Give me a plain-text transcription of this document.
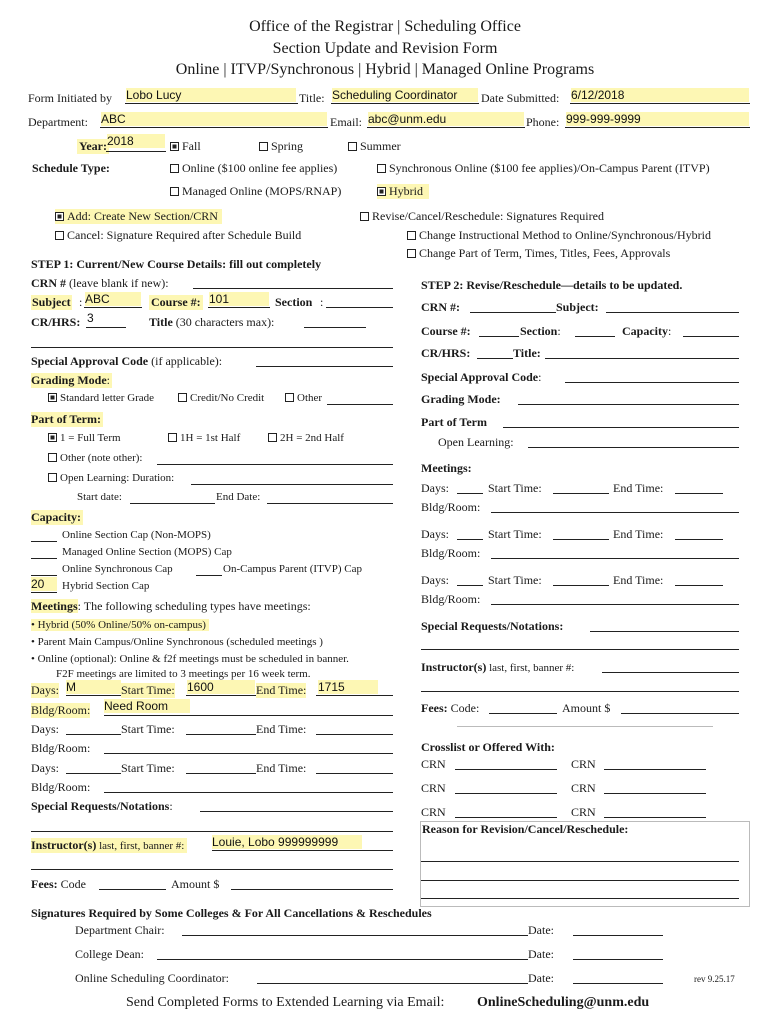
Office of the Registrar | Scheduling Office
Section Update and Revision Form
Online | ITVP/Synchronous | Hybrid | Managed Online Programs
Form Initiated by Lobo Lucy	Title: Scheduling Coordinator	Date Submitted: 6/12/2018
Department: ABC	Email: abc@unm.edu	Phone: 999-999-9999
Year: 2018	Fall	Spring	Summer
Schedule Type:	Online ($100 online fee applies)	Synchronous Online ($100 fee applies)/On-Campus Parent (ITVP)
Managed Online (MOPS/RNAP)	Hybrid
Add: Create New Section/CRN
Cancel: Signature Required after Schedule Build
Revise/Cancel/Reschedule: Signatures Required
Change Instructional Method to Online/Synchronous/Hybrid
Change Part of Term, Times, Titles, Fees, Approvals
STEP 1: Current/New Course Details: fill out completely
CRN # (leave blank if new):
Subject : ABC	Course #: 101	Section :
CR/HRS: 3	Title (30 characters max):
Special Approval Code (if applicable):
Grading Mode:
Standard letter Grade	Credit/No Credit	Other
Part of Term:
1 = Full Term	1H = 1st Half	2H = 2nd Half
Other (note other):
Open Learning: Duration:
Start date:	End Date:
Capacity:
Online Section Cap (Non-MOPS)
Managed Online Section (MOPS) Cap
Online Synchronous Cap	On-Campus Parent (ITVP) Cap
20	Hybrid Section Cap
Meetings: The following scheduling types have meetings:
• Hybrid (50% Online/50% on-campus)
• Parent Main Campus/Online Synchronous (scheduled meetings )
• Online (optional): Online & f2f meetings must be scheduled in banner.
F2F meetings are limited to 3 meetings per 16 week term.
Days: M	Start Time: 1600	End Time: 1715
Bldg/Room: Need Room
Days:	Start Time:	End Time:
Bldg/Room:
Days:	Start Time:	End Time:
Bldg/Room:
Special Requests/Notations:
Instructor(s) last, first, banner #: Louie, Lobo 999999999
Fees: Code	Amount $
STEP 2: Revise/Reschedule—details to be updated.
CRN #:	Subject:
Course #:	Section:	Capacity:
CR/HRS:	Title:
Special Approval Code:
Grading Mode:
Part of Term
Open Learning:
Meetings:
Days:	Start Time:	End Time:
Bldg/Room:
Days:	Start Time:	End Time:
Bldg/Room:
Days:	Start Time:	End Time:
Bldg/Room:
Special Requests/Notations:
Instructor(s) last, first, banner #:
Fees: Code:	Amount $
Crosslist or Offered With:
CRN	CRN
CRN	CRN
CRN	CRN
Reason for Revision/Cancel/Reschedule:
Signatures Required by Some Colleges & For All Cancellations & Reschedules
Department Chair:	Date:
College Dean:	Date:
Online Scheduling Coordinator:	Date:	rev 9.25.17
Send Completed Forms to Extended Learning via Email: OnlineScheduling@unm.edu
